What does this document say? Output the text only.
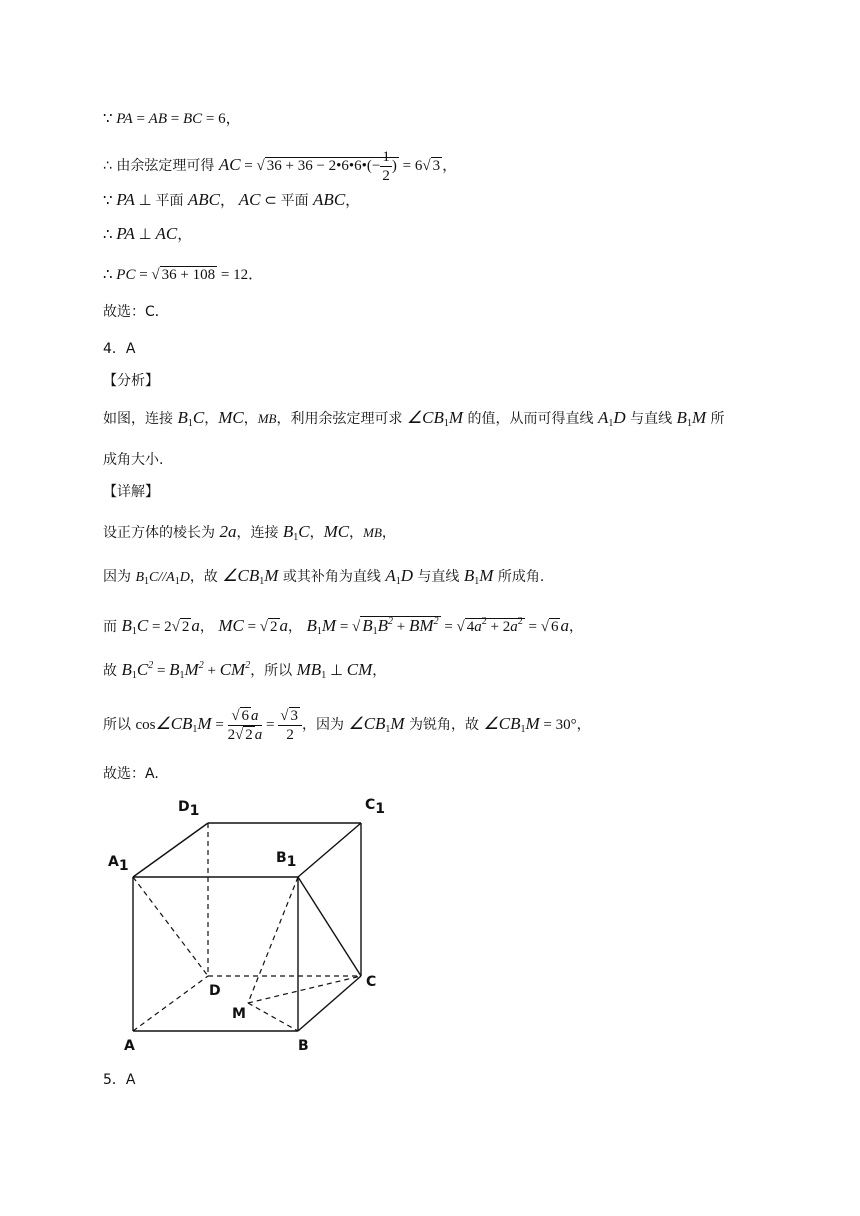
∵ PA = AB = BC = 6，
∴ 由余弦定理可得 AC = √ 36 + 36 − 2•6•6•(− $\frac{1}{2}$ ) = 6√ 3 ，
∵ PA ⊥ 平面 ABC， AC ⊂ 平面 ABC，
∴ PA ⊥ AC，
∴ PC = √ 36 + 108 = 12．
故选：C．
4．A
【分析】
如图，连接 $B_1C$，MC，MB，利用余弦定理可求 $\angle CB_1M$ 的值，从而可得直线 $A_1D$ 与直线 $B_1M$ 所
成角大小.
【详解】
设正方体的棱长为 2a，连接 $B_1C$，MC，MB，
因为 $B_1C//A_1D$，故 $\angle CB_1M$ 或其补角为直线 $A_1D$ 与直线 $B_1M$ 所成角.
而 $B_1C = 2√$ 2 a， MC = √ 2 a， $B_1M$ = √ $B_1B^2 + BM^2$ = √ $4a^2 + 2a^2$ = √ 6 a，
故 $B_1C^2 = B_1M^2 + CM^2$，所以 $MB_1$ ⊥ CM，
所以 $\cos\angle CB_1M = \frac{√ 6 a}{2√ 2 a} = \frac{√ 3}{2}$ ，因为 $\angle CB_1M$ 为锐角，故 $\angle CB_1M = 30^\circ$，
故选：A.
D1	C1
A1	B1
D
C
M
A	B
5．A
